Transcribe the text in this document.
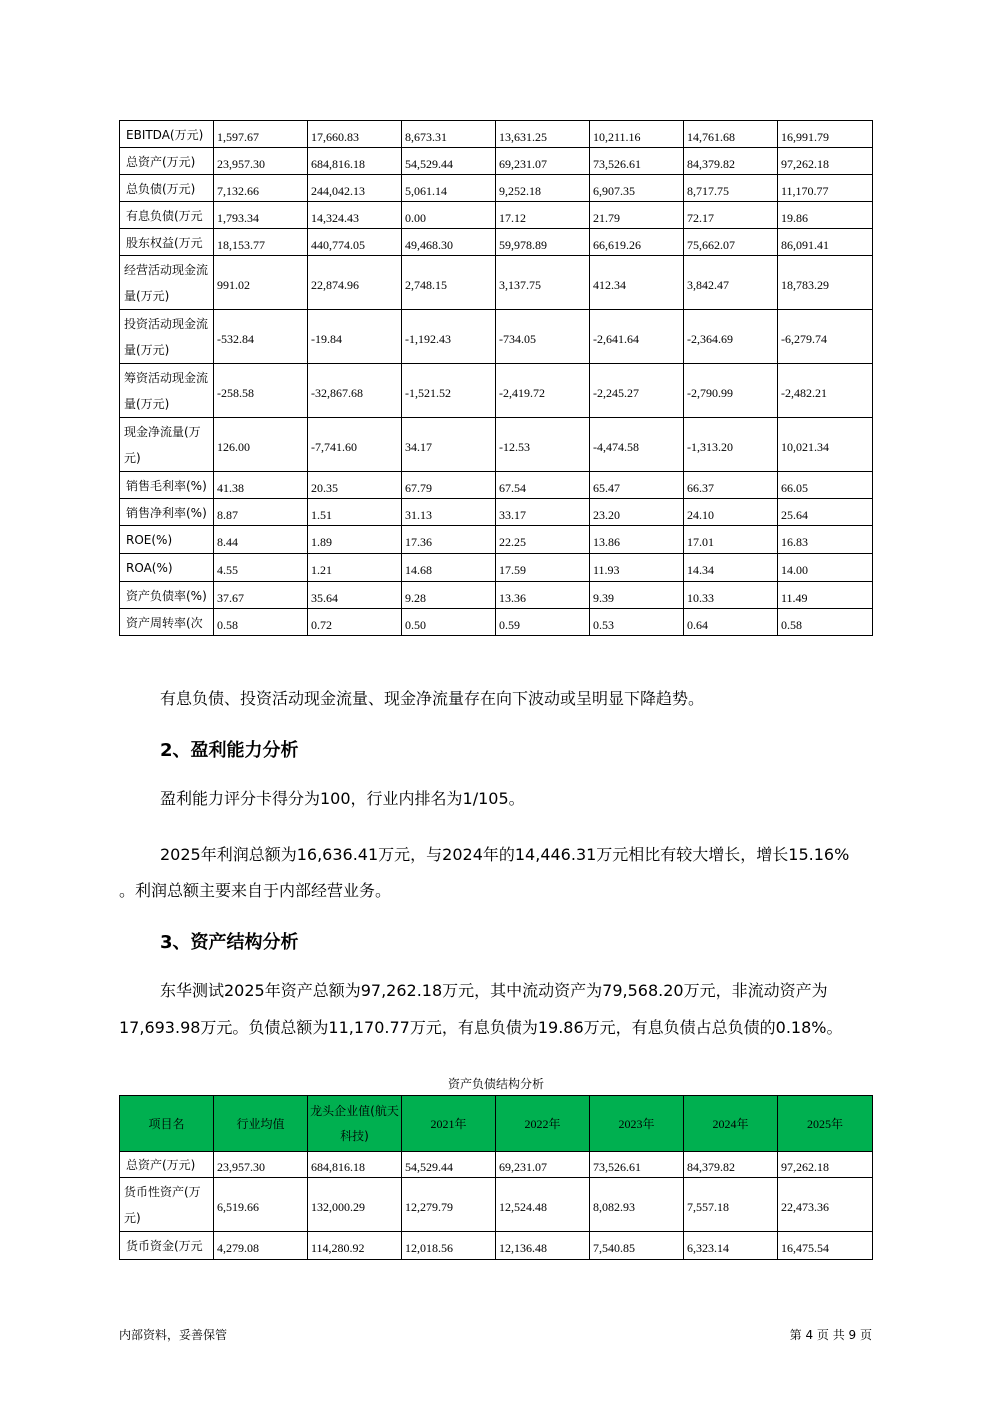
EBITDA(万元)	1,597.67	17,660.83	8,673.31	13,631.25	10,211.16	14,761.68	16,991.79
总资产(万元)	23,957.30	684,816.18	54,529.44	69,231.07	73,526.61	84,379.82	97,262.18
总负债(万元)	7,132.66	244,042.13	5,061.14	9,252.18	6,907.35	8,717.75	11,170.77
有息负债(万元	1,793.34	14,324.43	0.00	17.12	21.79	72.17	19.86
股东权益(万元	18,153.77	440,774.05	49,468.30	59,978.89	66,619.26	75,662.07	86,091.41
经营活动现金流量(万元)	991.02	22,874.96	2,748.15	3,137.75	412.34	3,842.47	18,783.29
投资活动现金流量(万元)	-532.84	-19.84	-1,192.43	-734.05	-2,641.64	-2,364.69	-6,279.74
筹资活动现金流量(万元)	-258.58	-32,867.68	-1,521.52	-2,419.72	-2,245.27	-2,790.99	-2,482.21
现金净流量(万元)	126.00	-7,741.60	34.17	-12.53	-4,474.58	-1,313.20	10,021.34
销售毛利率(%)	41.38	20.35	67.79	67.54	65.47	66.37	66.05
销售净利率(%)	8.87	1.51	31.13	33.17	23.20	24.10	25.64
ROE(%)	8.44	1.89	17.36	22.25	13.86	17.01	16.83
ROA(%)	4.55	1.21	14.68	17.59	11.93	14.34	14.00
资产负债率(%)	37.67	35.64	9.28	13.36	9.39	10.33	11.49
资产周转率(次	0.58	0.72	0.50	0.59	0.53	0.64	0.58
有息负债、投资活动现金流量、现金净流量存在向下波动或呈明显下降趋势。
2、盈利能力分析
盈利能力评分卡得分为100，行业内排名为1/105。
2025年利润总额为16,636.41万元，与2024年的14,446.31万元相比有较大增长，增长15.16%
。利润总额主要来自于内部经营业务。
3、资产结构分析
东华测试2025年资产总额为97,262.18万元，其中流动资产为79,568.20万元，非流动资产为
17,693.98万元。负债总额为11,170.77万元，有息负债为19.86万元，有息负债占总负债的0.18%。
资产负债结构分析
项目名	行业均值	龙头企业值(航天科技)	2021年	2022年	2023年	2024年	2025年
总资产(万元)	23,957.30	684,816.18	54,529.44	69,231.07	73,526.61	84,379.82	97,262.18
货币性资产(万元)	6,519.66	132,000.29	12,279.79	12,524.48	8,082.93	7,557.18	22,473.36
货币资金(万元	4,279.08	114,280.92	12,018.56	12,136.48	7,540.85	6,323.14	16,475.54
内部资料，妥善保管	第 4 页 共 9 页
